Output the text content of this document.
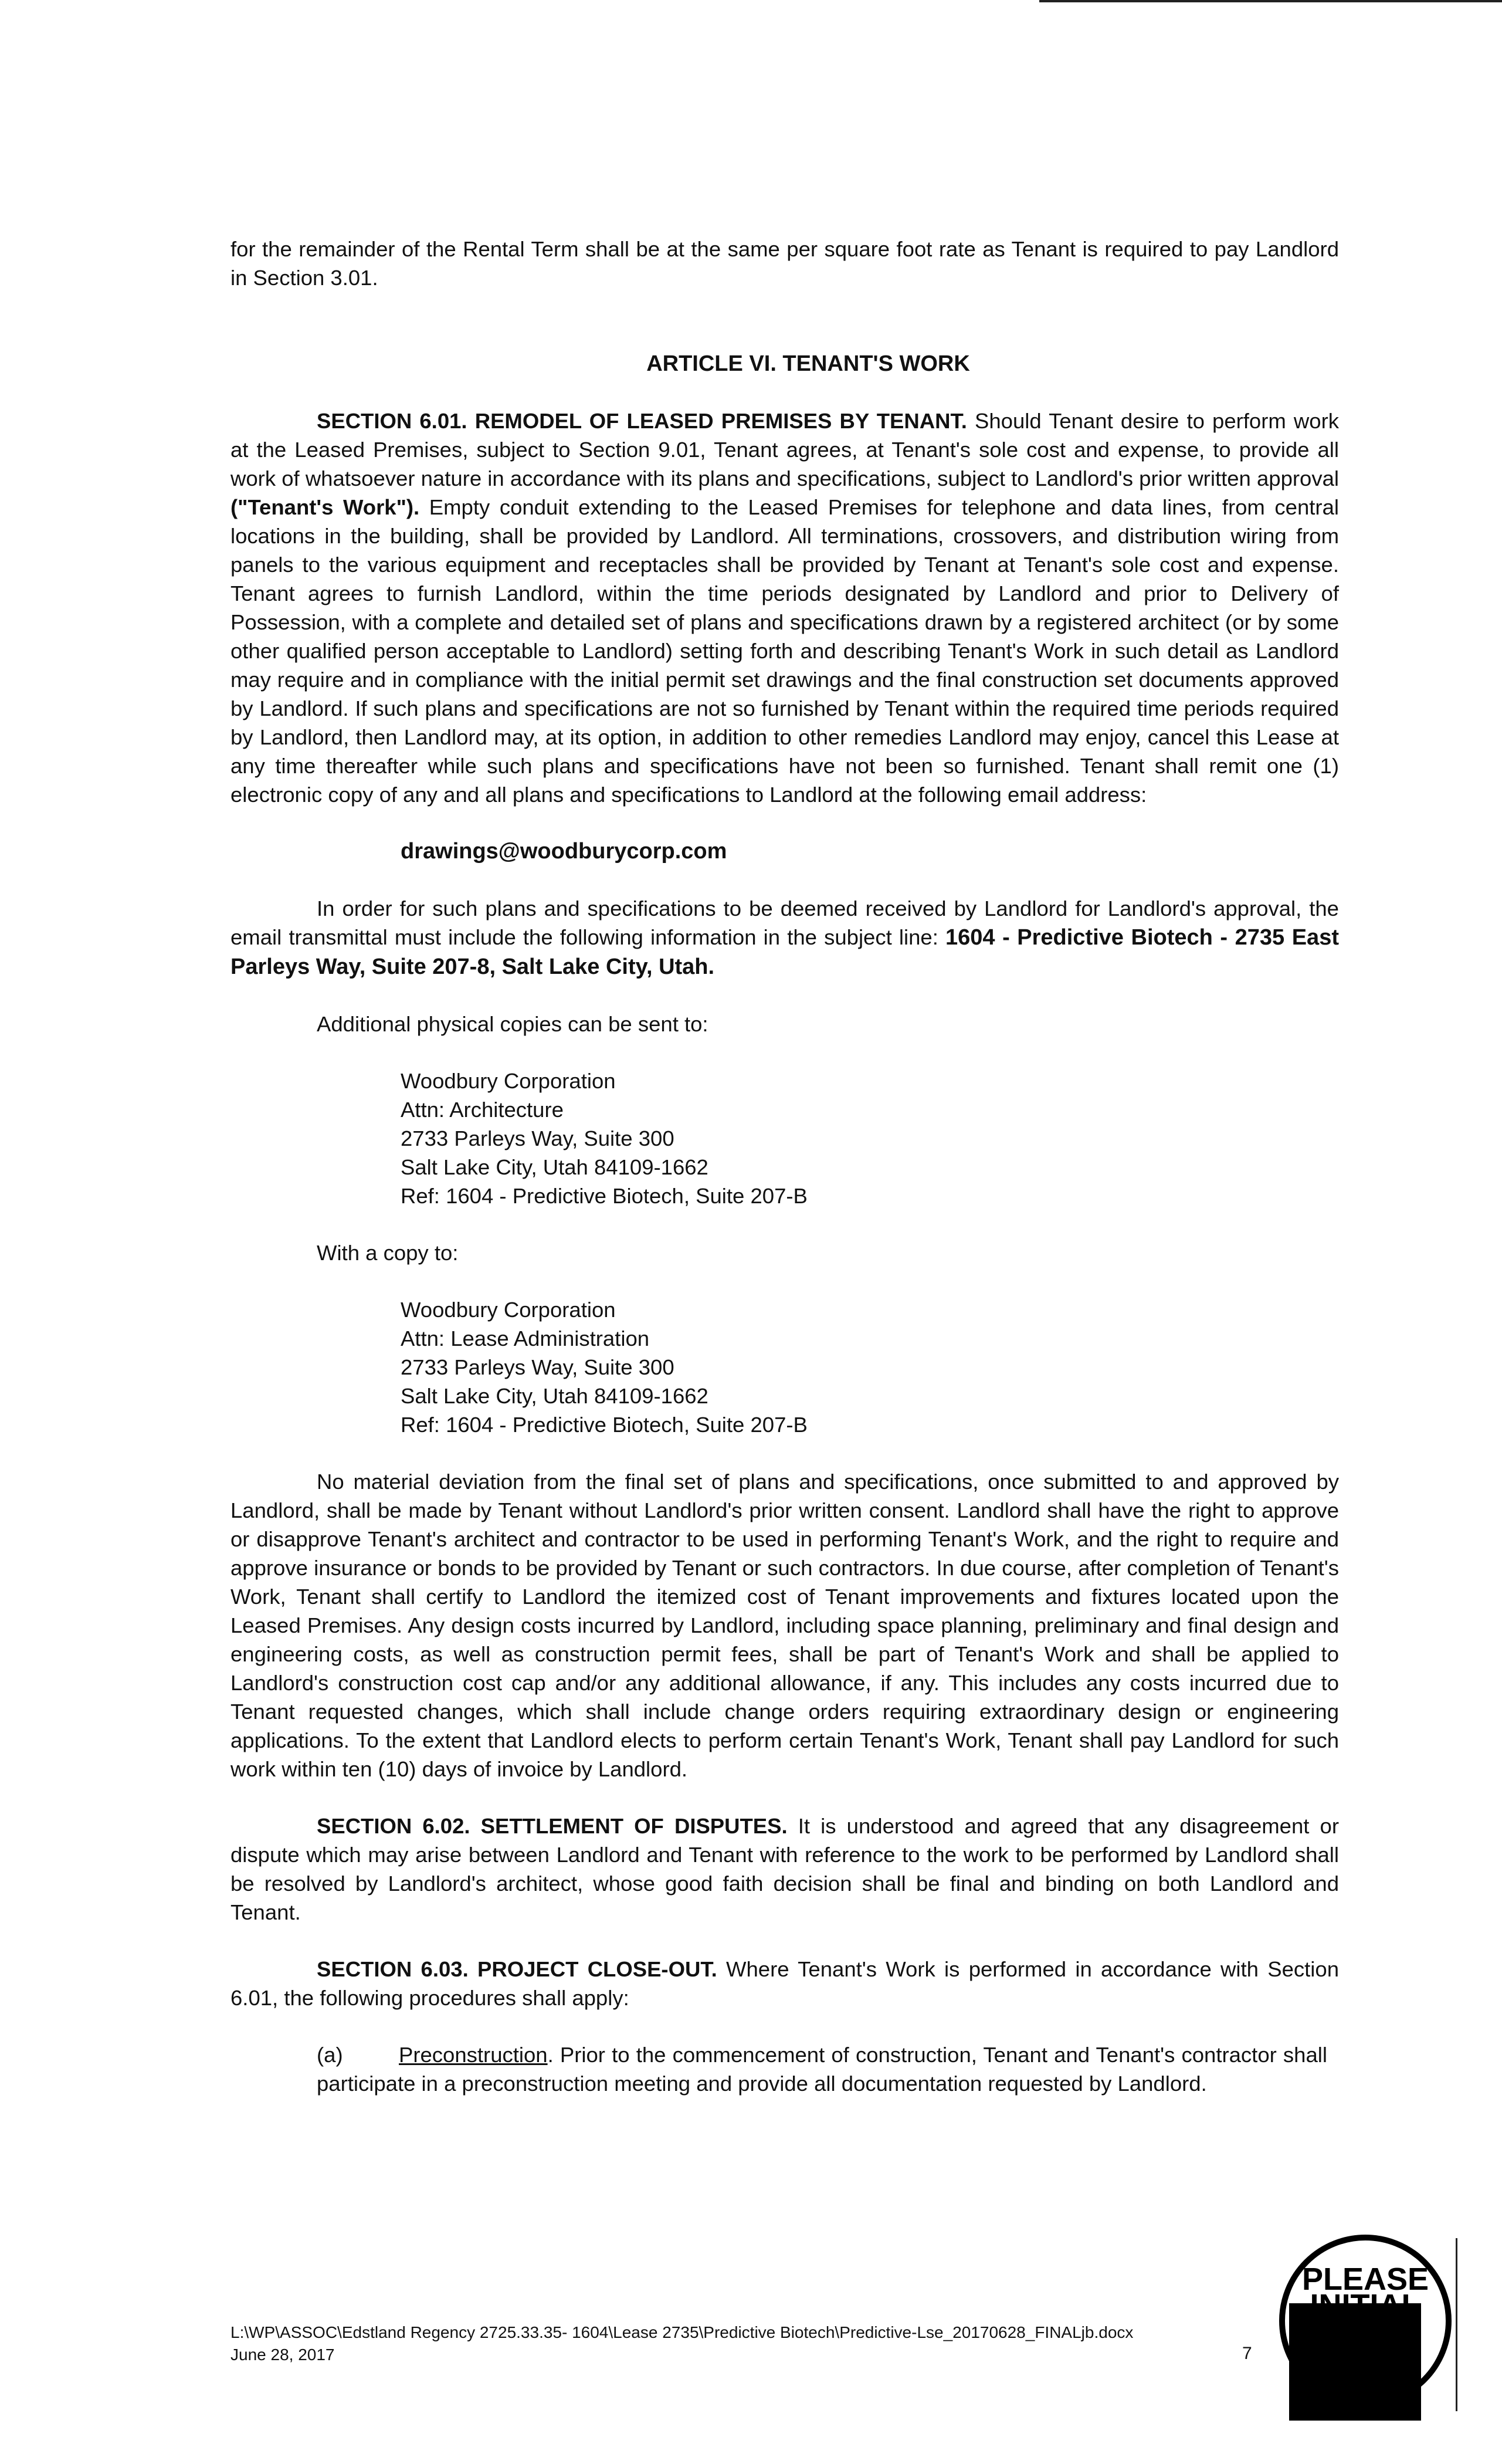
for the remainder of the Rental Term shall be at the same per square foot rate as Tenant is required to pay Landlord in Section 3.01.

ARTICLE VI. TENANT'S WORK

SECTION 6.01. REMODEL OF LEASED PREMISES BY TENANT. Should Tenant desire to perform work at the Leased Premises, subject to Section 9.01, Tenant agrees, at Tenant's sole cost and expense, to provide all work of whatsoever nature in accordance with its plans and specifications, subject to Landlord's prior written approval ("Tenant's Work"). Empty conduit extending to the Leased Premises for telephone and data lines, from central locations in the building, shall be provided by Landlord. All terminations, crossovers, and distribution wiring from panels to the various equipment and receptacles shall be provided by Tenant at Tenant's sole cost and expense. Tenant agrees to furnish Landlord, within the time periods designated by Landlord and prior to Delivery of Possession, with a complete and detailed set of plans and specifications drawn by a registered architect (or by some other qualified person acceptable to Landlord) setting forth and describing Tenant's Work in such detail as Landlord may require and in compliance with the initial permit set drawings and the final construction set documents approved by Landlord. If such plans and specifications are not so furnished by Tenant within the required time periods required by Landlord, then Landlord may, at its option, in addition to other remedies Landlord may enjoy, cancel this Lease at any time thereafter while such plans and specifications have not been so furnished. Tenant shall remit one (1) electronic copy of any and all plans and specifications to Landlord at the following email address:

drawings@woodburycorp.com

In order for such plans and specifications to be deemed received by Landlord for Landlord's approval, the email transmittal must include the following information in the subject line: 1604 - Predictive Biotech - 2735 East Parleys Way, Suite 207-8, Salt Lake City, Utah.

Additional physical copies can be sent to:

Woodbury Corporation

Attn: Architecture

2733 Parleys Way, Suite 300

Salt Lake City, Utah 84109-1662

Ref: 1604 - Predictive Biotech, Suite 207-B

With a copy to:

Woodbury Corporation

Attn: Lease Administration

2733 Parleys Way, Suite 300

Salt Lake City, Utah 84109-1662

Ref: 1604 - Predictive Biotech, Suite 207-B

No material deviation from the final set of plans and specifications, once submitted to and approved by Landlord, shall be made by Tenant without Landlord's prior written consent. Landlord shall have the right to approve or disapprove Tenant's architect and contractor to be used in performing Tenant's Work, and the right to require and approve insurance or bonds to be provided by Tenant or such contractors. In due course, after completion of Tenant's Work, Tenant shall certify to Landlord the itemized cost of Tenant improvements and fixtures located upon the Leased Premises. Any design costs incurred by Landlord, including space planning, preliminary and final design and engineering costs, as well as construction permit fees, shall be part of Tenant's Work and shall be applied to Landlord's construction cost cap and/or any additional allowance, if any. This includes any costs incurred due to Tenant requested changes, which shall include change orders requiring extraordinary design or engineering applications. To the extent that Landlord elects to perform certain Tenant's Work, Tenant shall pay Landlord for such work within ten (10) days of invoice by Landlord.

SECTION 6.02. SETTLEMENT OF DISPUTES. It is understood and agreed that any disagreement or dispute which may arise between Landlord and Tenant with reference to the work to be performed by Landlord shall be resolved by Landlord's architect, whose good faith decision shall be final and binding on both Landlord and Tenant.

SECTION 6.03. PROJECT CLOSE-OUT. Where Tenant's Work is performed in accordance with Section 6.01, the following procedures shall apply:

(a)	Preconstruction. Prior to the commencement of construction, Tenant and Tenant's contractor shall participate in a preconstruction meeting and provide all documentation requested by Landlord.

L:\WP\ASSOC\Edstland Regency 2725.33.35- 1604\Lease 2735\Predictive Biotech\Predictive-Lse_20170628_FINALjb.docx

June 28, 2017	7
PLEASE
